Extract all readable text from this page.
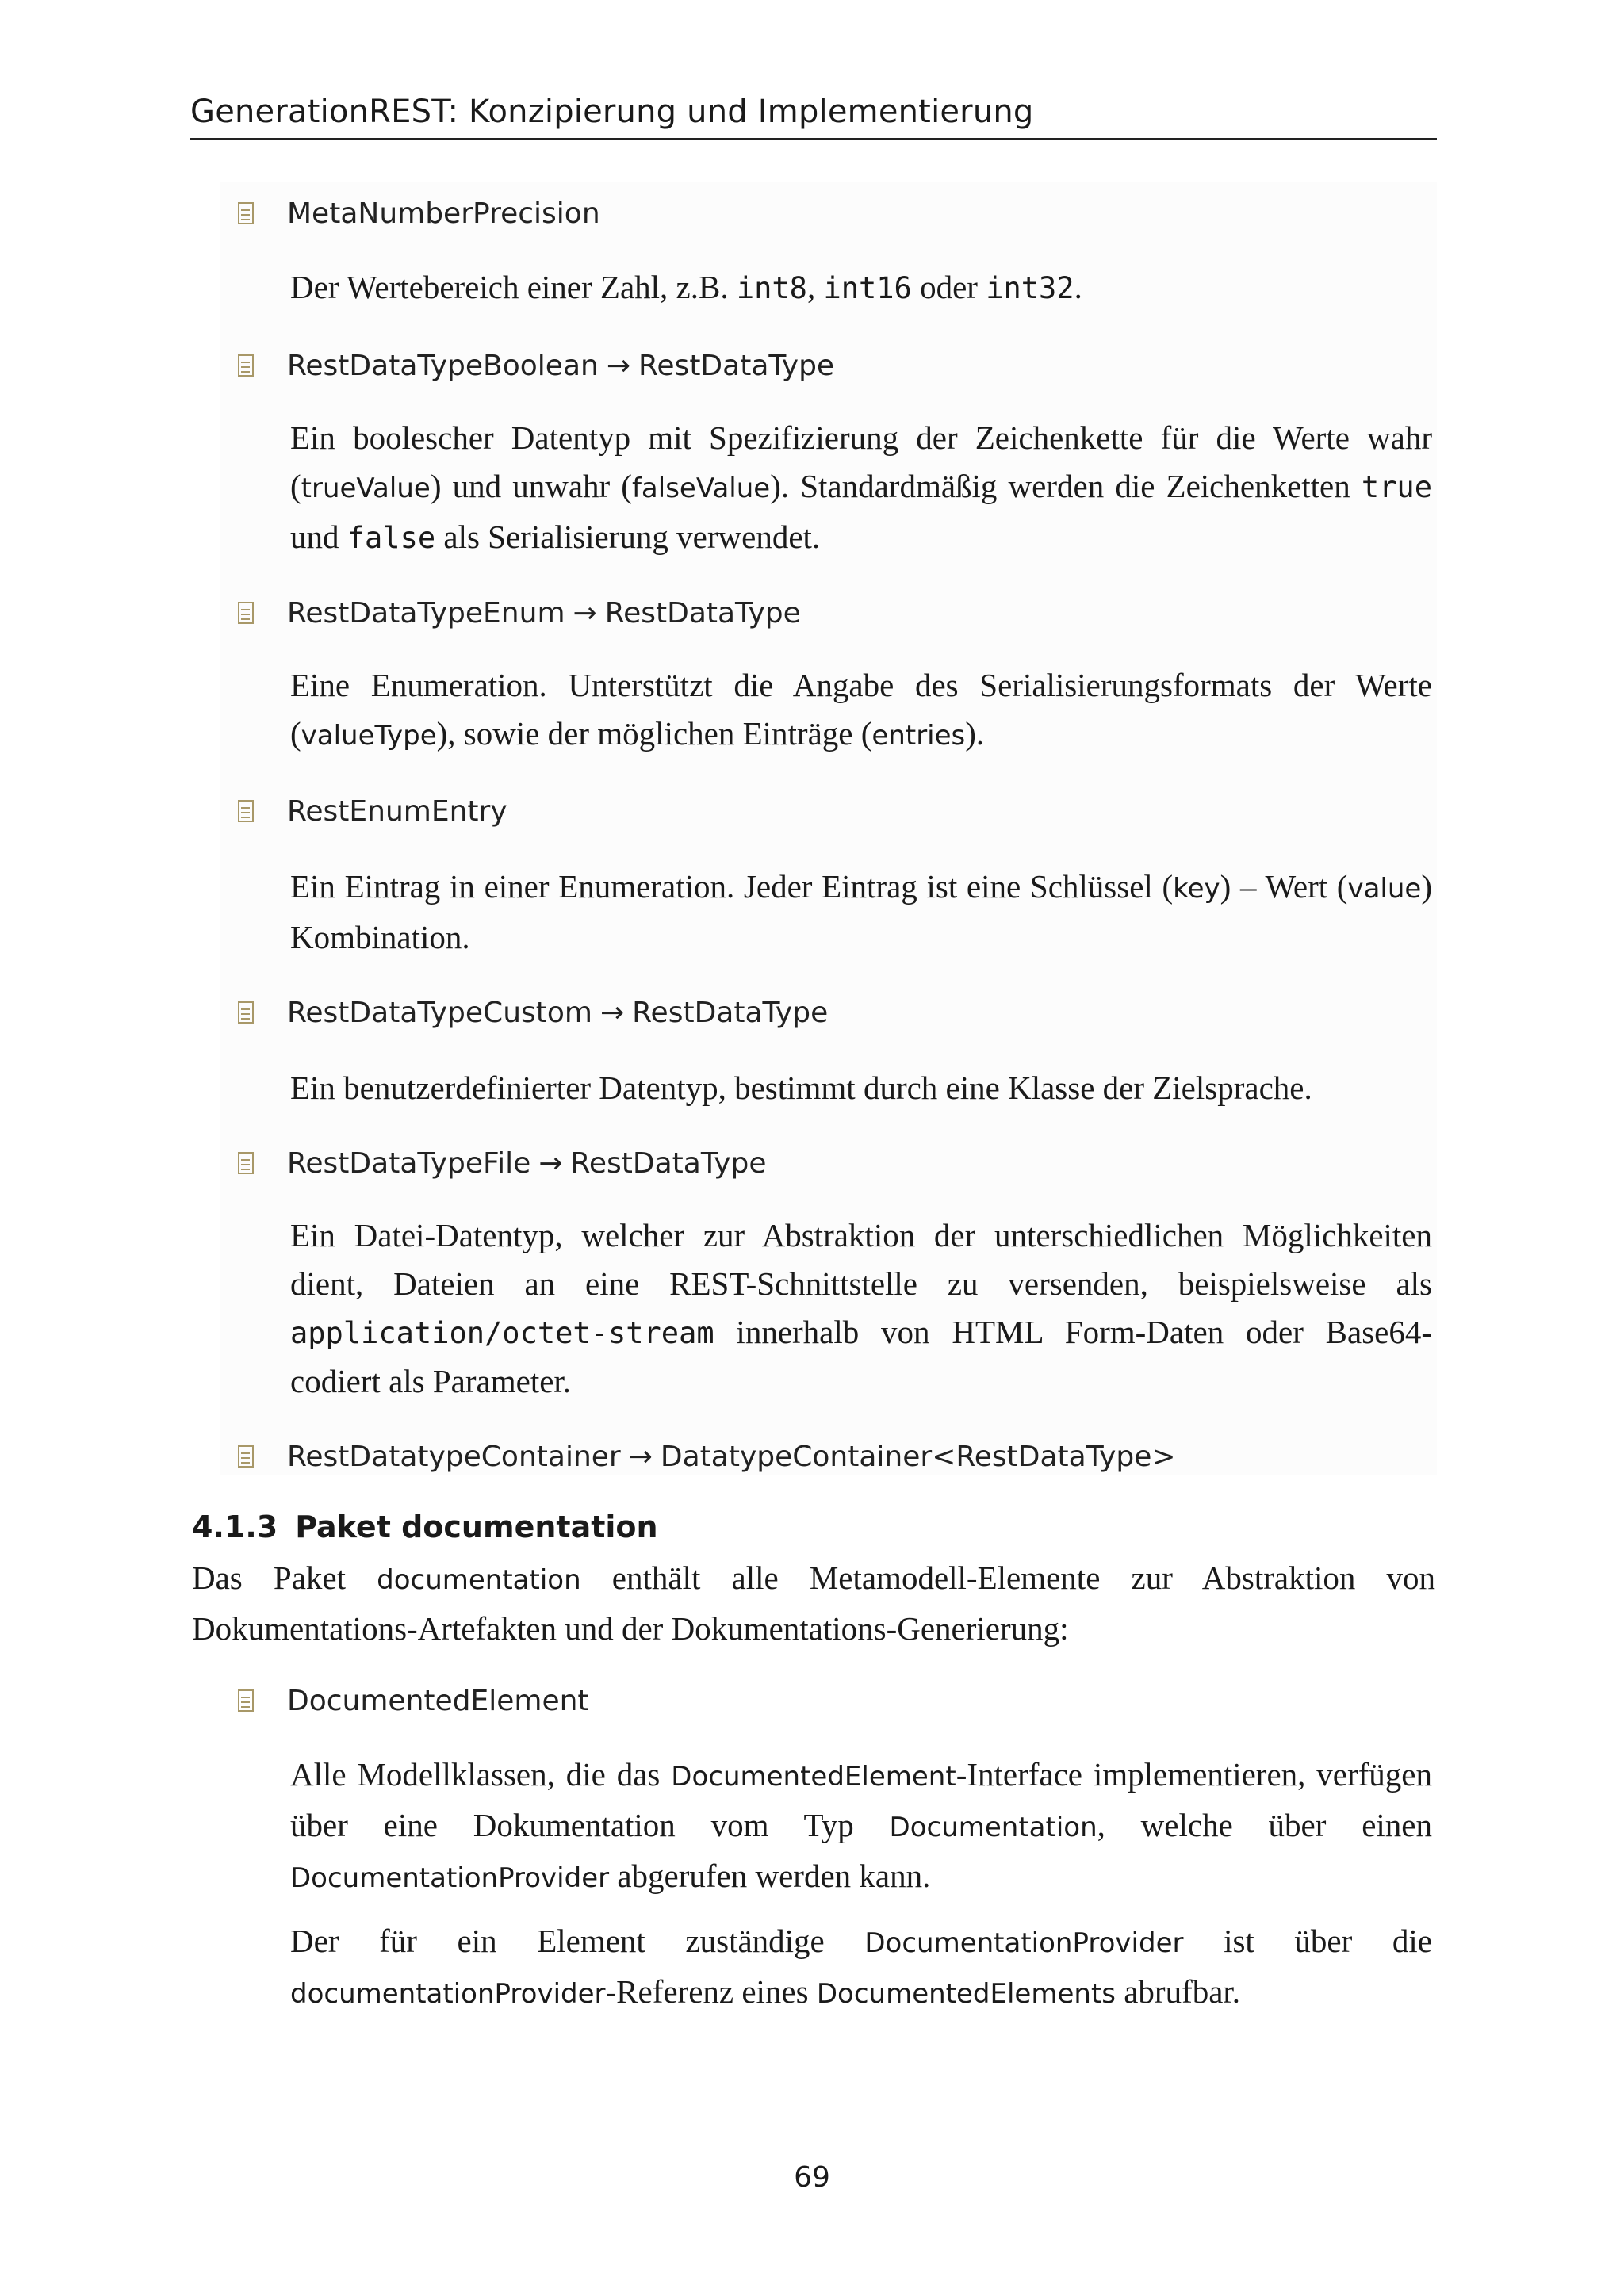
GenerationREST: Konzipierung und Implementierung
MetaNumberPrecision
Der Wertebereich einer Zahl, z.B. int8, int16 oder int32.
RestDataTypeBoolean → RestDataType
Ein boolescher Datentyp mit Spezifizierung der Zeichenkette für die Werte wahr (trueValue) und unwahr (falseValue). Standardmäßig werden die Zeichenketten true und false als Serialisierung verwendet.
RestDataTypeEnum → RestDataType
Eine Enumeration. Unterstützt die Angabe des Serialisierungsformats der Werte (valueType), sowie der möglichen Einträge (entries).
RestEnumEntry
Ein Eintrag in einer Enumeration. Jeder Eintrag ist eine Schlüssel (key) – Wert (value) Kombination.
RestDataTypeCustom → RestDataType
Ein benutzerdefinierter Datentyp, bestimmt durch eine Klasse der Zielsprache.
RestDataTypeFile → RestDataType
Ein Datei-Datentyp, welcher zur Abstraktion der unterschiedlichen Möglichkeiten dient, Dateien an eine REST-Schnittstelle zu versenden, beispielsweise als application/octet-stream innerhalb von HTML Form-Daten oder Base64-codiert als Parameter.
RestDatatypeContainer → DatatypeContainer<RestDataType>
4.1.3 Paket documentation
Das Paket documentation enthält alle Metamodell-Elemente zur Abstraktion von Dokumentations-Artefakten und der Dokumentations-Generierung:
DocumentedElement
Alle Modellklassen, die das DocumentedElement-Interface implementieren, verfügen über eine Dokumentation vom Typ Documentation, welche über einen DocumentationProvider abgerufen werden kann.
Der für ein Element zuständige DocumentationProvider ist über die documentationProvider-Referenz eines DocumentedElements abrufbar.
69
